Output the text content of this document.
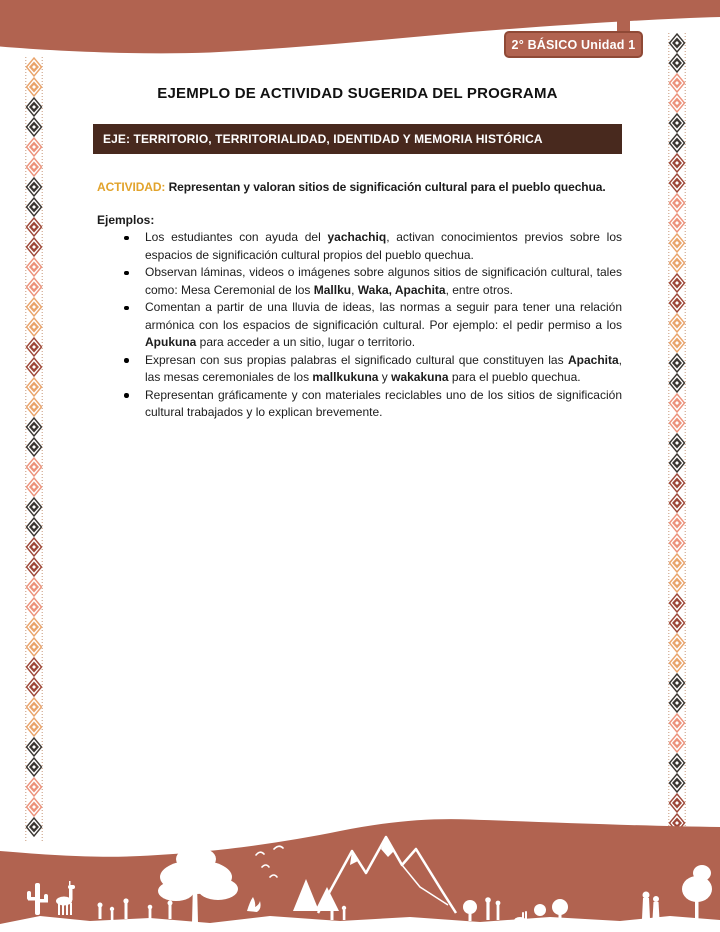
2° BÁSICO Unidad 1
EJEMPLO DE ACTIVIDAD SUGERIDA DEL PROGRAMA
EJE: TERRITORIO, TERRITORIALIDAD, IDENTIDAD Y MEMORIA HISTÓRICA

ACTIVIDAD: Representan y valoran sitios de significación cultural para el pueblo quechua.

Ejemplos:

Los estudiantes con ayuda del yachachiq, activan conocimientos previos sobre los espacios de significación cultural propios del pueblo quechua.
Observan láminas, videos o imágenes sobre algunos sitios de significación cultural, tales como: Mesa Ceremonial de los Mallku, Waka, Apachita, entre otros.
Comentan a partir de una lluvia de ideas, las normas a seguir para tener una relación armónica con los espacios de significación cultural. Por ejemplo: el pedir permiso a los Apukuna para acceder a un sitio, lugar o territorio.
Expresan con sus propias palabras el significado cultural que constituyen las Apachita, las mesas ceremoniales de los mallkukuna y wakakuna para el pueblo quechua.
Representan gráficamente y con materiales reciclables uno de los sitios de significación cultural trabajados y lo explican brevemente.
